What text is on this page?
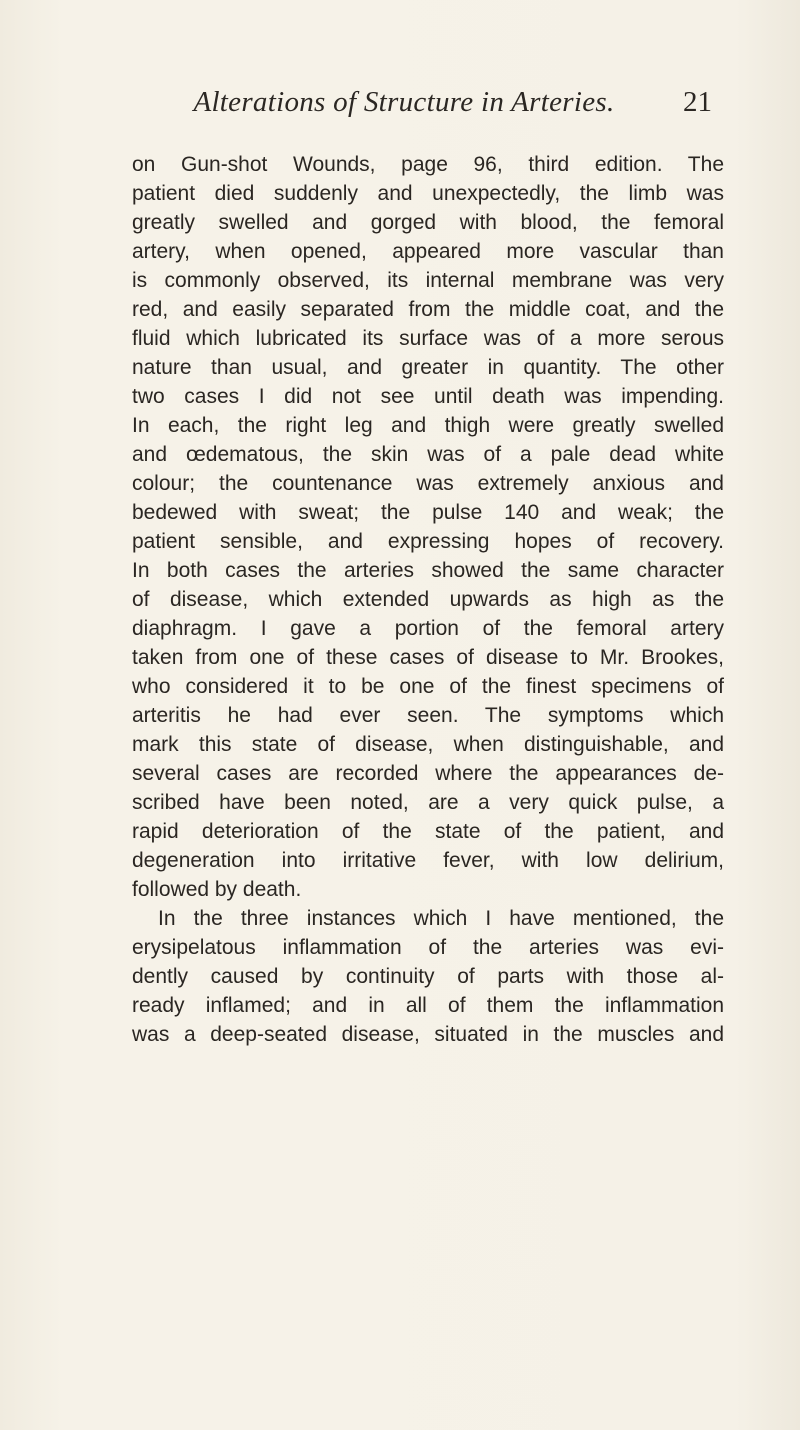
Alterations of Structure in Arteries.	21
on Gun-shot Wounds, page 96, third edition. The
patient died suddenly and unexpectedly, the limb was
greatly swelled and gorged with blood, the femoral
artery, when opened, appeared more vascular than
is commonly observed, its internal membrane was very
red, and easily separated from the middle coat, and the
fluid which lubricated its surface was of a more serous
nature than usual, and greater in quantity. The other
two cases I did not see until death was impending.
In each, the right leg and thigh were greatly swelled
and œdematous, the skin was of a pale dead white
colour; the countenance was extremely anxious and
bedewed with sweat; the pulse 140 and weak; the
patient sensible, and expressing hopes of recovery.
In both cases the arteries showed the same character
of disease, which extended upwards as high as the
diaphragm. I gave a portion of the femoral artery
taken from one of these cases of disease to Mr. Brookes,
who considered it to be one of the finest specimens of
arteritis he had ever seen. The symptoms which
mark this state of disease, when distinguishable, and
several cases are recorded where the appearances de-
scribed have been noted, are a very quick pulse, a
rapid deterioration of the state of the patient, and
degeneration into irritative fever, with low delirium,
followed by death.
In the three instances which I have mentioned, the
erysipelatous inflammation of the arteries was evi-
dently caused by continuity of parts with those al-
ready inflamed; and in all of them the inflammation
was a deep-seated disease, situated in the muscles and
